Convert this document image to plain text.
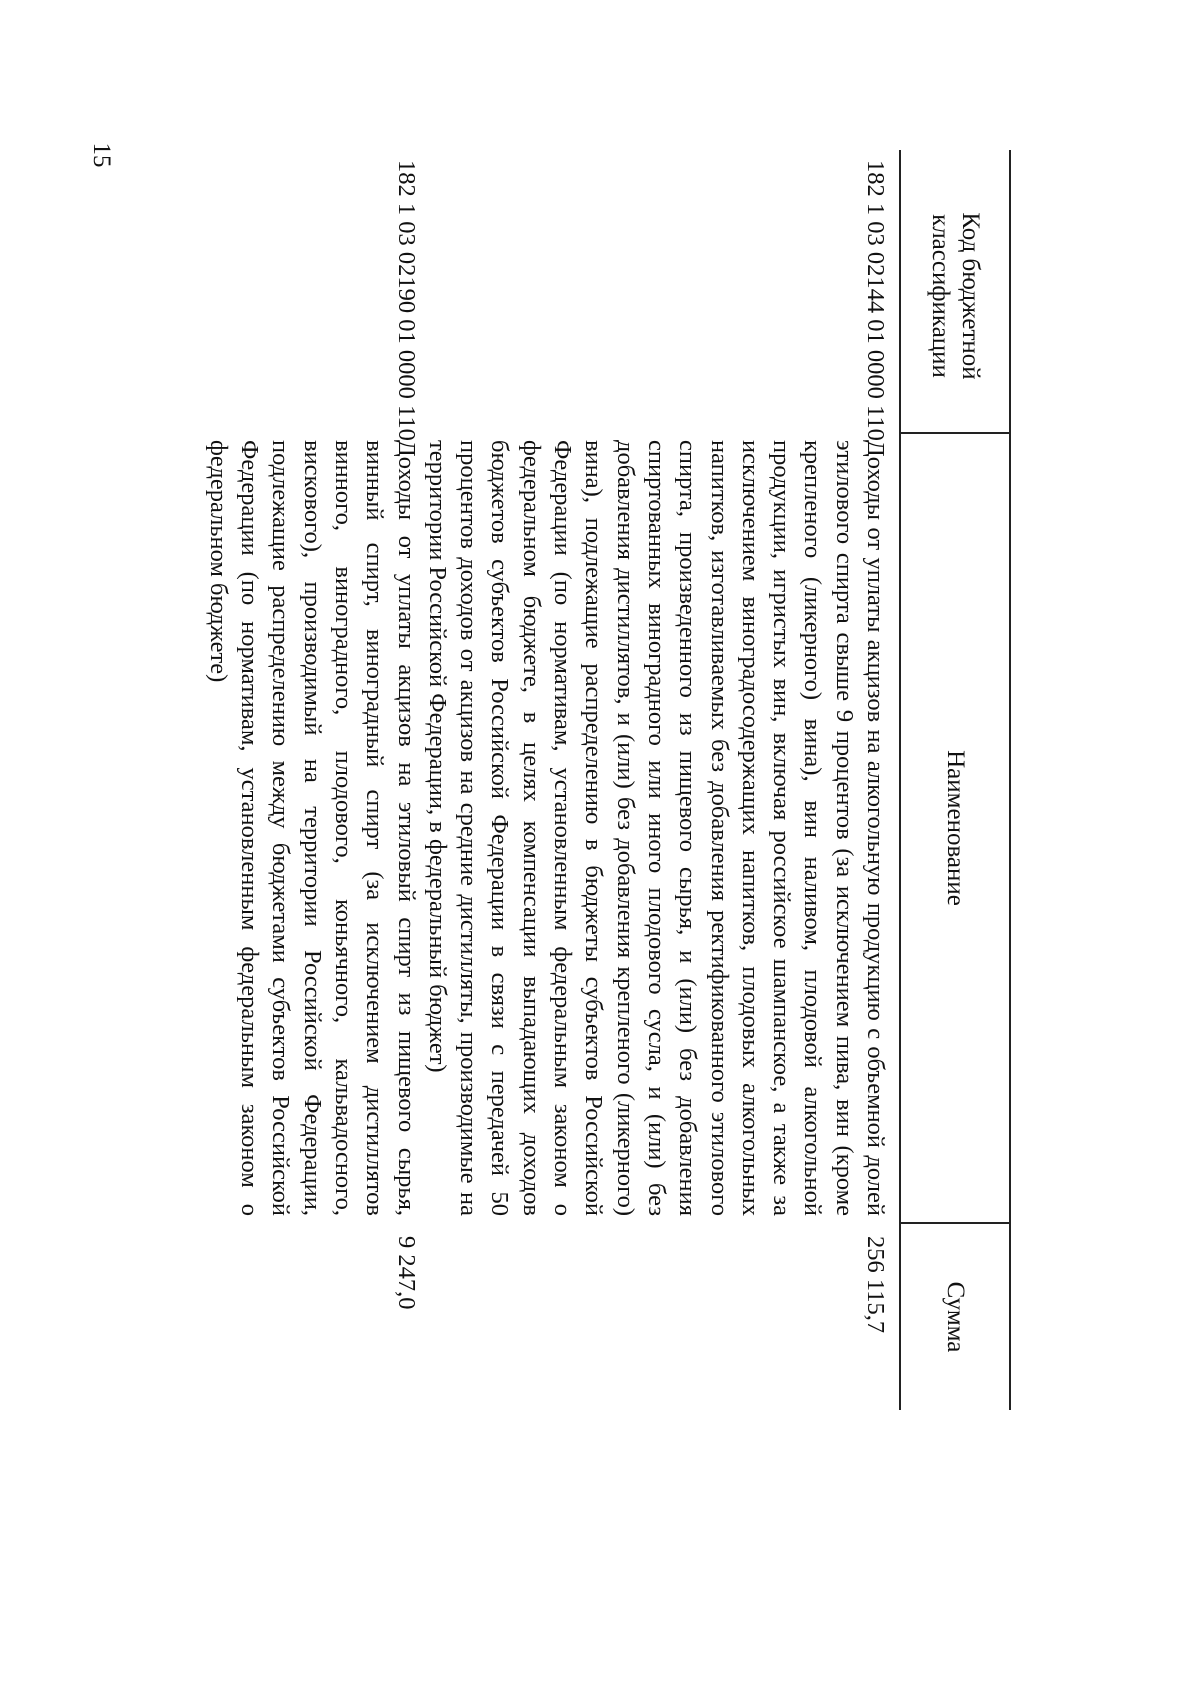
15
Код бюджетной классификации
Наименование
Сумма
182 1 03 02144 01 0000 110
Доходы от уплаты акцизов на алкогольную продукцию с объемной долей этилового спирта свыше 9 процентов (за исключением пива, вин (кроме крепленого (ликерного) вина), вин наливом, плодовой алкогольной продукции, игристых вин, включая российское шампанское, а также за исключением виноградосодержащих напитков, плодовых алкогольных напитков, изготавливаемых без добавления ректификованного этилового спирта, произведенного из пищевого сырья, и (или) без добавления спиртованных виноградного или иного плодового сусла, и (или) без добавления дистиллятов, и (или) без добавления крепленого (ликерного) вина), подлежащие распределению в бюджеты субъектов Российской Федерации (по нормативам, установленным федеральным законом о федеральном бюджете, в целях компенсации выпадающих доходов бюджетов субъектов Российской Федерации в связи с передачей 50 процентов доходов от акцизов на средние дистилляты, производимые на территории Российской Федерации, в федеральный бюджет)
256 115,7
182 1 03 02190 01 0000 110
Доходы от уплаты акцизов на этиловый спирт из пищевого сырья, винный спирт, виноградный спирт (за исключением дистиллятов винного, виноградного, плодового, коньячного, кальвадосного, вискового), производимый на территории Российской Федерации, подлежащие распределению между бюджетами субъектов Российской Федерации (по нормативам, установленным федеральным законом о федеральном бюджете)
9 247,0
